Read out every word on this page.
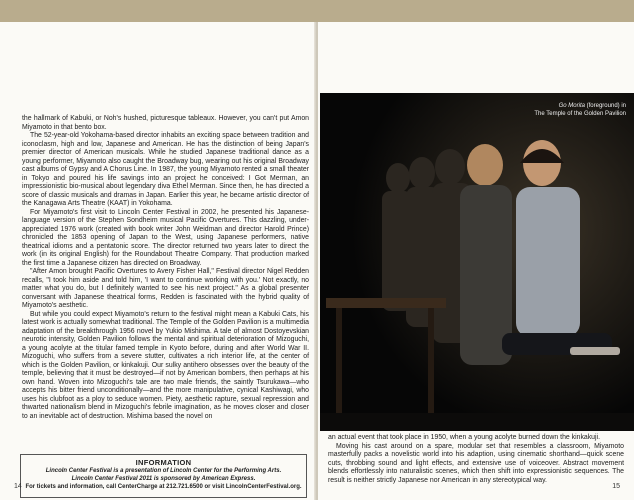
the hallmark of Kabuki, or Noh's hushed, picturesque tableaux. However, you can't put Amon Miyamoto in that bento box.

The 52-year-old Yokohama-based director inhabits an exciting space between tradition and iconoclasm, high and low, Japanese and American. He has the distinction of being Japan's premier director of American musicals. While he studied Japanese traditional dance as a young performer, Miyamoto also caught the Broadway bug, wearing out his original Broadway cast albums of Gypsy and A Chorus Line. In 1987, the young Miyamoto rented a small theater in Tokyo and poured his life savings into an project he conceived: I Got Merman, an impressionistic bio-musical about legendary diva Ethel Merman. Since then, he has directed a score of classic musicals and dramas in Japan. Earlier this year, he became artistic director of the Kanagawa Arts Theatre (KAAT) in Yokohama.

For Miyamoto's first visit to Lincoln Center Festival in 2002, he presented his Japanese-language version of the Stephen Sondheim musical Pacific Overtures. This dazzling, under-appreciated 1976 work (created with book writer John Weidman and director Harold Prince) chronicled the 1853 opening of Japan to the West, using Japanese performers, native theatrical idioms and a pentatonic score. The director returned two years later to direct the work (in its original English) for the Roundabout Theatre Company. That production marked the first time a Japanese citizen has directed on Broadway.

"After Amon brought Pacific Overtures to Avery Fisher Hall," Festival director Nigel Redden recalls, "I took him aside and told him, 'I want to continue working with you.' Not exactly, no matter what you do, but I definitely wanted to see his next project." As a global presenter conversant with Japanese theatrical forms, Redden is fascinated with the hybrid quality of Miyamoto's aesthetic.

But while you could expect Miyamoto's return to the festival might mean a Kabuki Cats, his latest work is actually somewhat traditional. The Temple of the Golden Pavilion is a multimedia adaptation of the breakthrough 1956 novel by Yukio Mishima. A tale of almost Dostoyevskian neurotic intensity, Golden Pavilion follows the mental and spiritual deterioration of Mizoguchi, a young acolyte at the titular famed temple in Kyoto before, during and after World War II. Mizoguchi, who suffers from a severe stutter, cultivates a rich interior life, at the center of which is the Golden Pavilion, or kinkakuji. Our sulky antihero obsesses over the beauty of the temple, believing that it must be destroyed—if not by American bombers, then perhaps at his own hand. Woven into Mizoguchi's tale are two male friends, the saintly Tsurukawa—who accepts his bitter friend unconditionally—and the more manipulative, cynical Kashiwagi, who uses his clubfoot as a ploy to seduce women. Piety, aesthetic rapture, sexual repression and thwarted nationalism blend in Mizoguchi's febrile imagination, as he moves closer and closer to an inevitable act of destruction. Mishima based the novel on

INFORMATION
Lincoln Center Festival is a presentation of Lincoln Center for the Performing Arts.
Lincoln Center Festival 2011 is sponsored by American Express.
For tickets and information, call CenterCharge at 212.721.6500 or visit LincolnCenterFestival.org.
14
Go Morita (foreground) in
The Temple of the Golden Pavilion

an actual event that took place in 1950, when a young acolyte burned down the kinkakuji.

Moving his cast around on a spare, modular set that resembles a classroom, Miyamoto masterfully packs a novelistic world into his adaption, using cinematic shorthand—quick scene cuts, throbbing sound and light effects, and extensive use of voiceover. Abstract movement blends effortlessly into naturalistic scenes, which then shift into expressionistic sequences. The result is neither strictly Japanese nor American in any stereotypical way.

15
